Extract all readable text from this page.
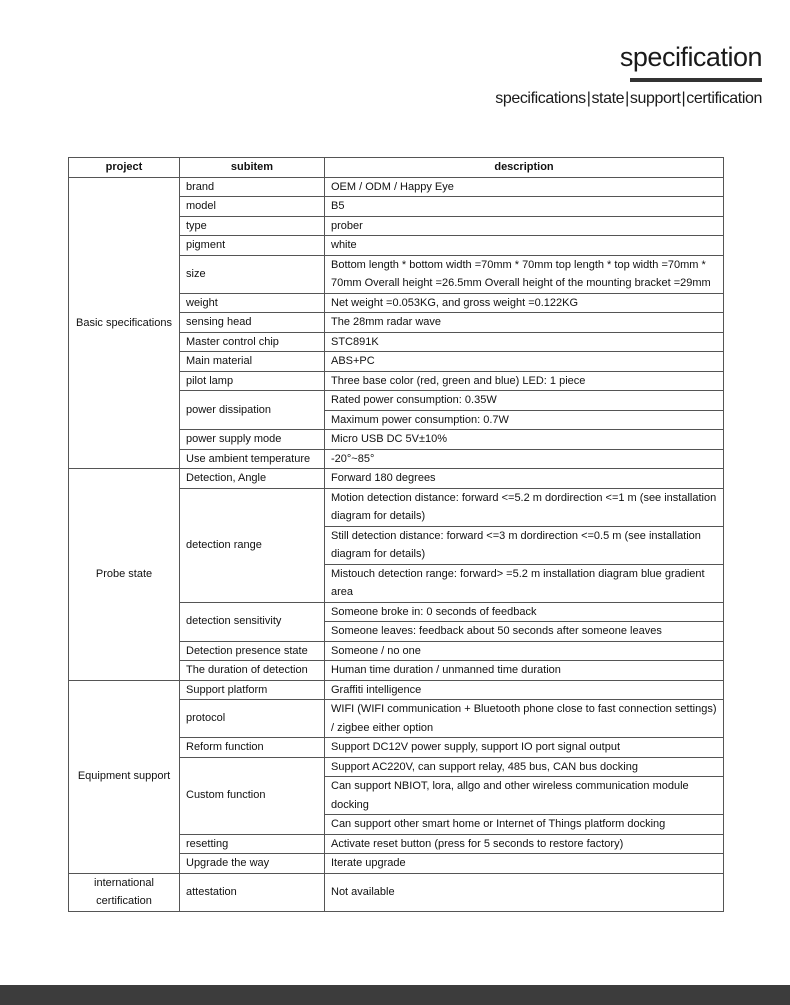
specification
specifications|state|support|certification
project	subitem	description
Basic specifications	brand	OEM / ODM / Happy Eye
	model	B5
	type	prober
	pigment	white
	size	Bottom length * bottom width =70mm * 70mm top length * top width =70mm * 70mm Overall height =26.5mm Overall height of the mounting bracket =29mm
	weight	Net weight =0.053KG, and gross weight =0.122KG
	sensing head	The 28mm radar wave
	Master control chip	STC891K
	Main material	ABS+PC
	pilot lamp	Three base color (red, green and blue) LED: 1 piece
	power dissipation	Rated power consumption: 0.35W
		Maximum power consumption: 0.7W
	power supply mode	Micro USB DC 5V±10%
	Use ambient temperature	-20°~85°
Probe state	Detection, Angle	Forward 180 degrees
	detection range	Motion detection distance: forward <=5.2 m dordirection <=1 m (see installation diagram for details)
		Still detection distance: forward <=3 m dordirection <=0.5 m (see installation diagram for details)
		Mistouch detection range: forward> =5.2 m installation diagram blue gradient area
	detection sensitivity	Someone broke in: 0 seconds of feedback
		Someone leaves: feedback about 50 seconds after someone leaves
	Detection presence state	Someone / no one
	The duration of detection	Human time duration / unmanned time duration
Equipment support	Support platform	Graffiti intelligence
	protocol	WIFI (WIFI communication + Bluetooth phone close to fast connection settings) / zigbee either option
	Reform function	Support DC12V power supply, support IO port signal output
	Custom function	Support AC220V, can support relay, 485 bus, CAN bus docking
		Can support NBIOT, lora, allgo and other wireless communication module docking
		Can support other smart home or Internet of Things platform docking
	resetting	Activate reset button (press for 5 seconds to restore factory)
	Upgrade the way	Iterate upgrade
international certification	attestation	Not available
